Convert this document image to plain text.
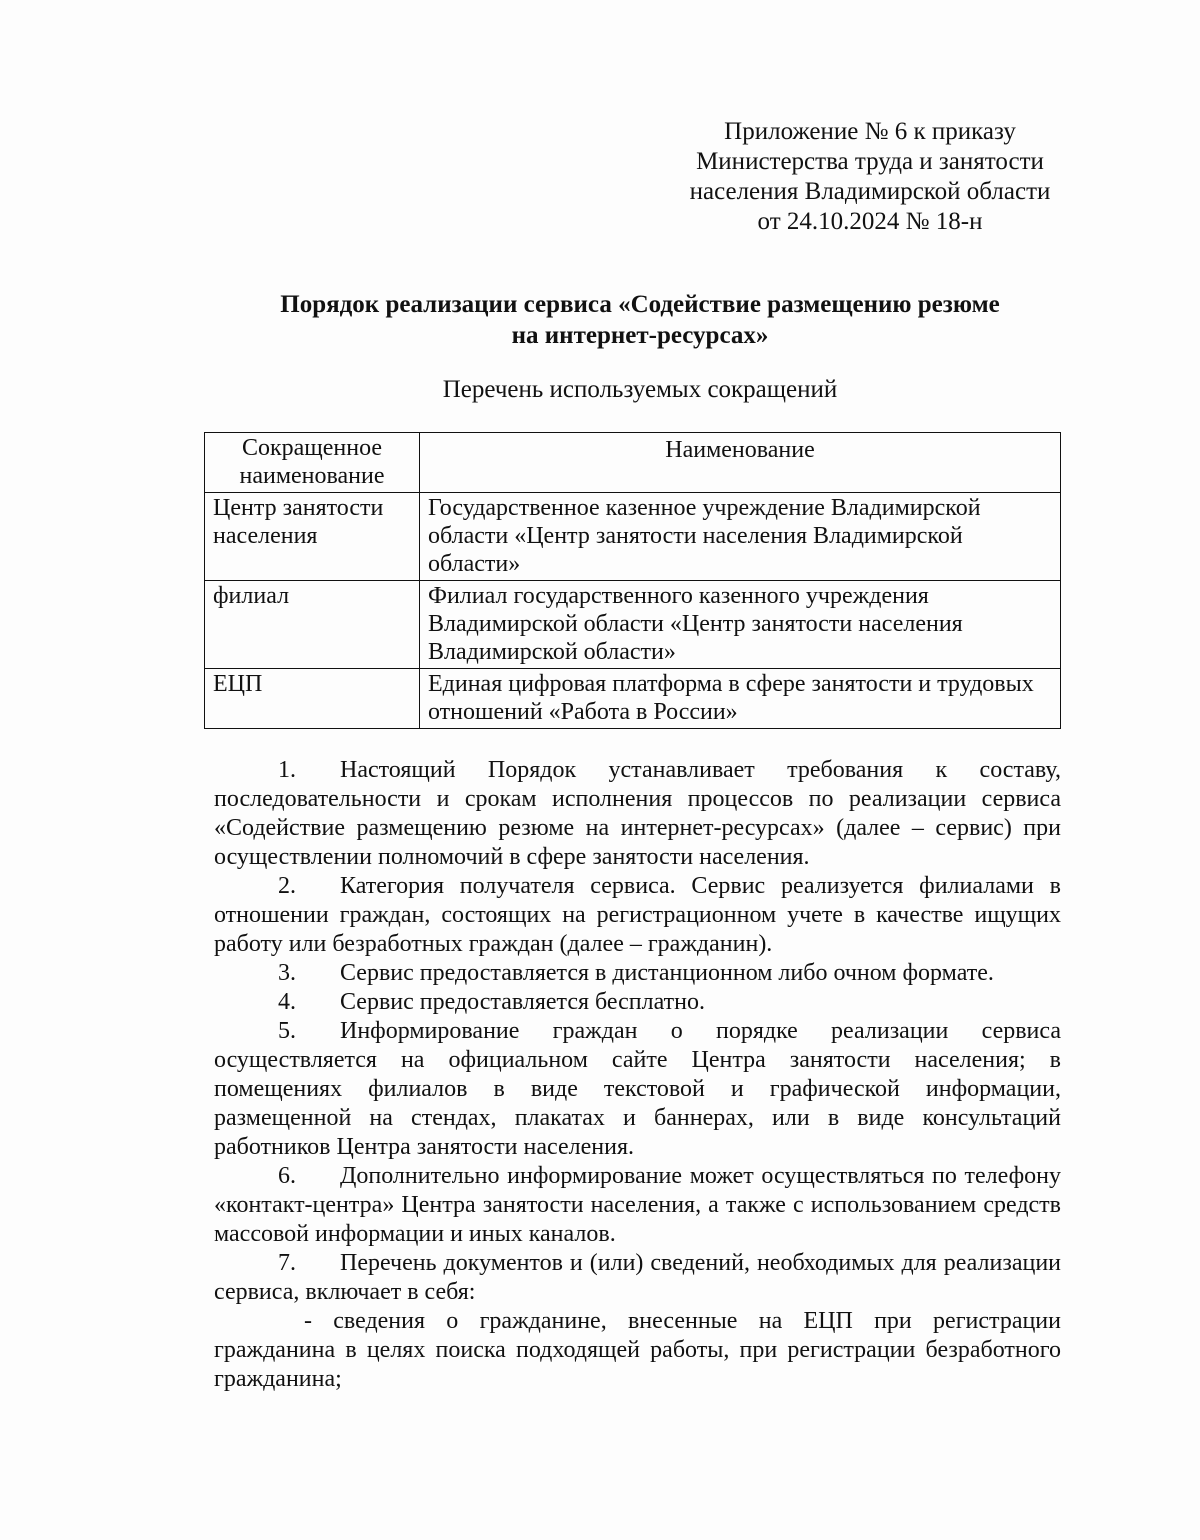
Приложение № 6 к приказу
Министерства труда и занятости
населения Владимирской области
от 24.10.2024 № 18-н
Порядок реализации сервиса «Содействие размещению резюме
на интернет-ресурсах»
Перечень используемых сокращений
Сокращенное наименование	Наименование
Центр занятости населения	Государственное казенное учреждение Владимирской области «Центр занятости населения Владимирской области»
филиал	Филиал государственного казенного учреждения Владимирской области «Центр занятости населения Владимирской области»
ЕЦП	Единая цифровая платформа в сфере занятости и трудовых отношений «Работа в России»

1. Настоящий Порядок устанавливает требования к составу, последовательности и срокам исполнения процессов по реализации сервиса «Содействие размещению резюме на интернет-ресурсах» (далее – сервис) при осуществлении полномочий в сфере занятости населения.

2. Категория получателя сервиса. Сервис реализуется филиалами в отношении граждан, состоящих на регистрационном учете в качестве ищущих работу или безработных граждан (далее – гражданин).

3. Сервис предоставляется в дистанционном либо очном формате.

4. Сервис предоставляется бесплатно.

5. Информирование граждан о порядке реализации сервиса осуществляется на официальном сайте Центра занятости населения; в помещениях филиалов в виде текстовой и графической информации, размещенной на стендах, плакатах и баннерах, или в виде консультаций работников Центра занятости населения.

6. Дополнительно информирование может осуществляться по телефону «контакт-центра» Центра занятости населения, а также с использованием средств массовой информации и иных каналов.

7. Перечень документов и (или) сведений, необходимых для реализации сервиса, включает в себя:

- сведения о гражданине, внесенные на ЕЦП при регистрации гражданина в целях поиска подходящей работы, при регистрации безработного гражданина;
